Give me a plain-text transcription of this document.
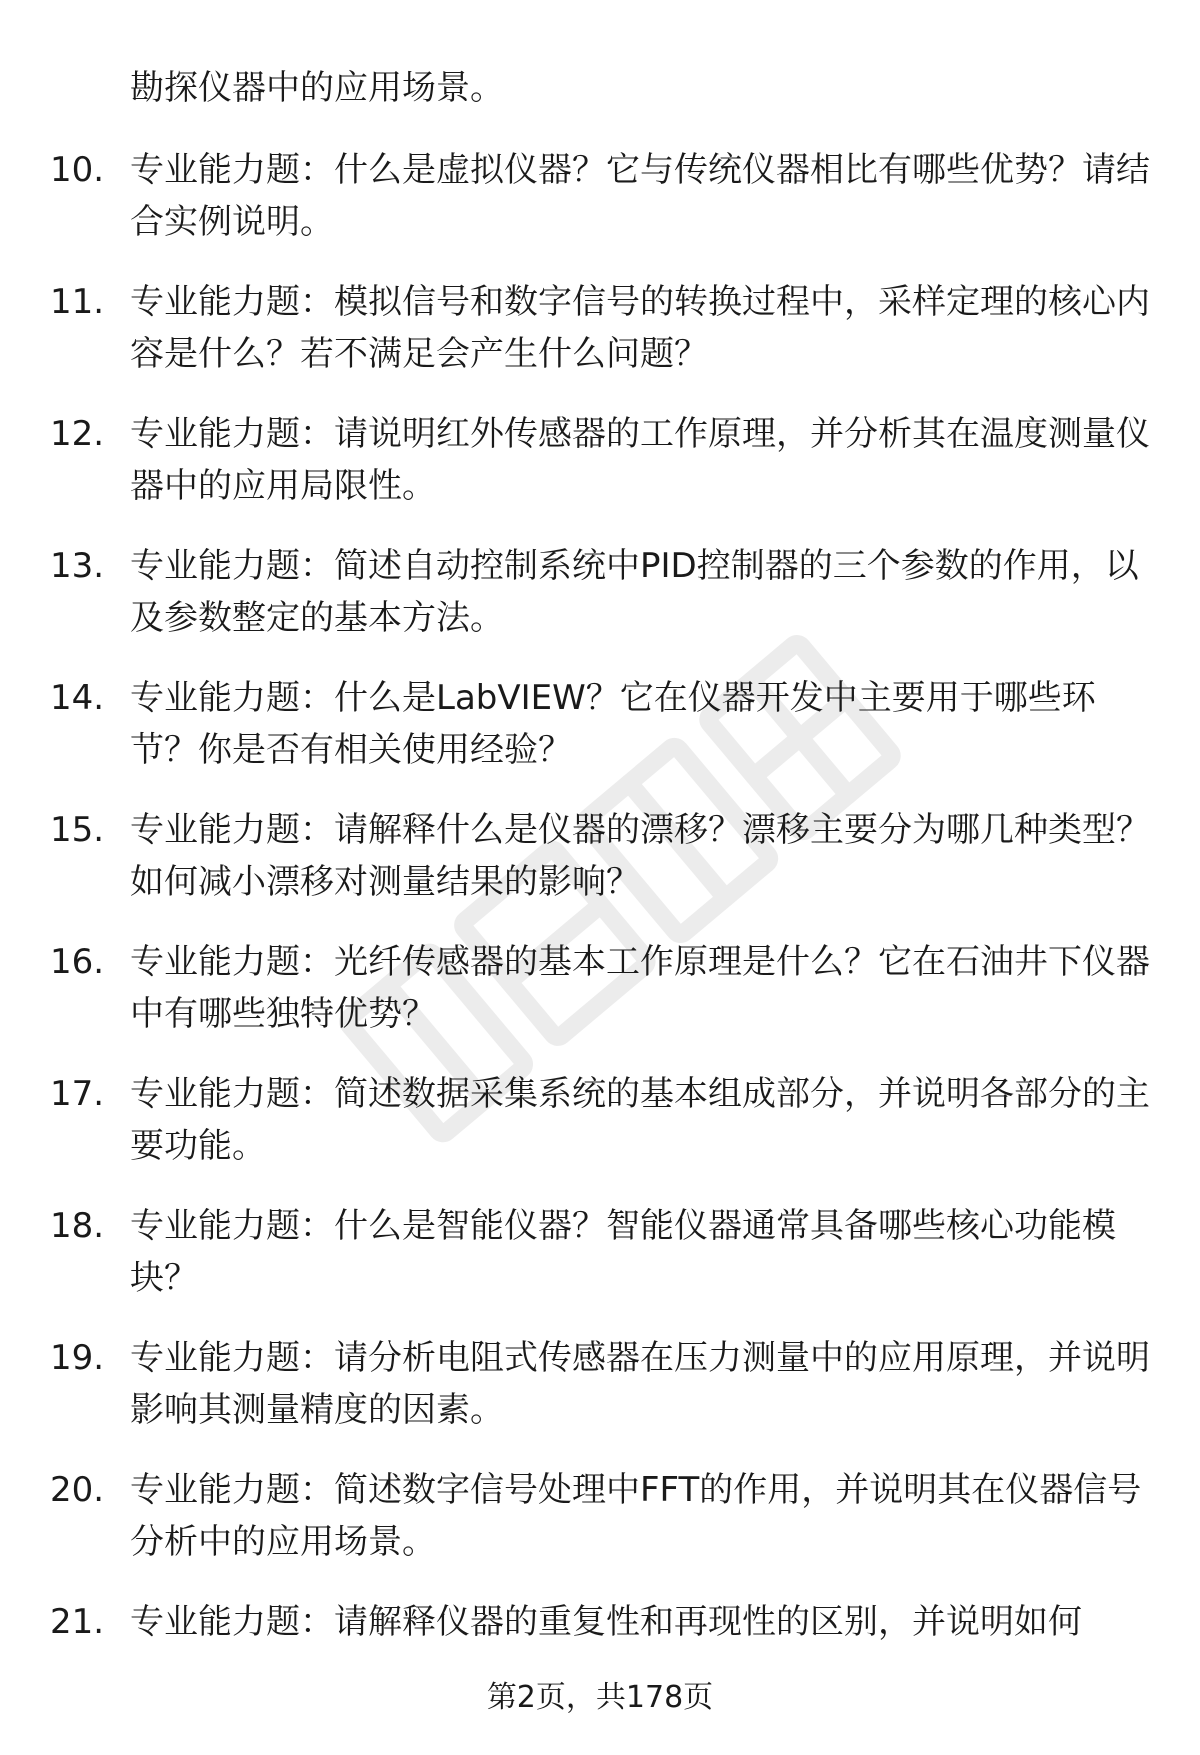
勘探仪器中的应用场景。

10. 专业能力题：什么是虚拟仪器？它与传统仪器相比有哪些优势？请结合实例说明。
11. 专业能力题：模拟信号和数字信号的转换过程中，采样定理的核心内容是什么？若不满足会产生什么问题？
12. 专业能力题：请说明红外传感器的工作原理，并分析其在温度测量仪器中的应用局限性。
13. 专业能力题：简述自动控制系统中PID控制器的三个参数的作用，以及参数整定的基本方法。
14. 专业能力题：什么是LabVIEW？它在仪器开发中主要用于哪些环节？你是否有相关使用经验？
15. 专业能力题：请解释什么是仪器的漂移？漂移主要分为哪几种类型？如何减小漂移对测量结果的影响？
16. 专业能力题：光纤传感器的基本工作原理是什么？它在石油井下仪器中有哪些独特优势？
17. 专业能力题：简述数据采集系统的基本组成部分，并说明各部分的主要功能。
18. 专业能力题：什么是智能仪器？智能仪器通常具备哪些核心功能模块？
19. 专业能力题：请分析电阻式传感器在压力测量中的应用原理，并说明影响其测量精度的因素。
20. 专业能力题：简述数字信号处理中FFT的作用，并说明其在仪器信号分析中的应用场景。
21. 专业能力题：请解释仪器的重复性和再现性的区别，并说明如何
第2页，共178页
